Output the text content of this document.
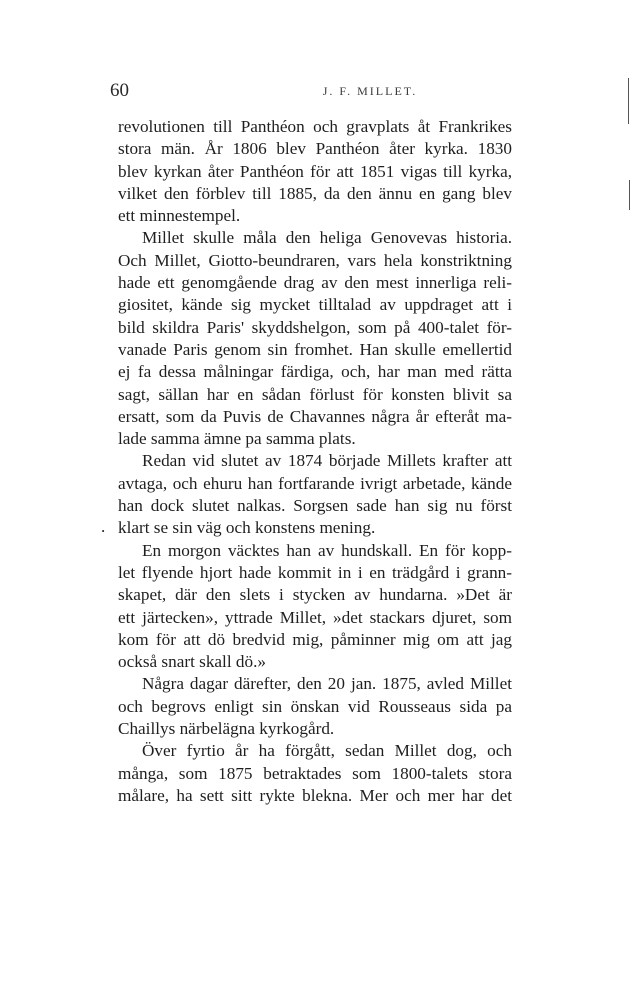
60	J. F. MILLET.
.
revolutionen till Panthéon och gravplats åt Frankrikes
stora män. År 1806 blev Panthéon åter kyrka. 1830
blev kyrkan åter Panthéon för att 1851 vigas till kyrka,
vilket den förblev till 1885, da den ännu en gang blev
ett minnestempel.
Millet skulle måla den heliga Genovevas historia.
Och Millet, Giotto-beundraren, vars hela konstriktning
hade ett genomgående drag av den mest innerliga reli-
giositet, kände sig mycket tilltalad av uppdraget att i
bild skildra Paris' skyddshelgon, som på 400-talet för-
vanade Paris genom sin fromhet. Han skulle emellertid
ej fa dessa målningar färdiga, och, har man med rätta
sagt, sällan har en sådan förlust för konsten blivit sa
ersatt, som da Puvis de Chavannes några år efteråt ma-
lade samma ämne pa samma plats.
Redan vid slutet av 1874 började Millets krafter att
avtaga, och ehuru han fortfarande ivrigt arbetade, kände
han dock slutet nalkas. Sorgsen sade han sig nu först
klart se sin väg och konstens mening.
En morgon väcktes han av hundskall. En för kopp-
let flyende hjort hade kommit in i en trädgård i grann-
skapet, där den slets i stycken av hundarna. »Det är
ett järtecken», yttrade Millet, »det stackars djuret, som
kom för att dö bredvid mig, påminner mig om att jag
också snart skall dö.»
Några dagar därefter, den 20 jan. 1875, avled Millet
och begrovs enligt sin önskan vid Rousseaus sida pa
Chaillys närbelägna kyrkogård.
Över fyrtio år ha förgått, sedan Millet dog, och
många, som 1875 betraktades som 1800-talets stora
målare, ha sett sitt rykte blekna. Mer och mer har det
